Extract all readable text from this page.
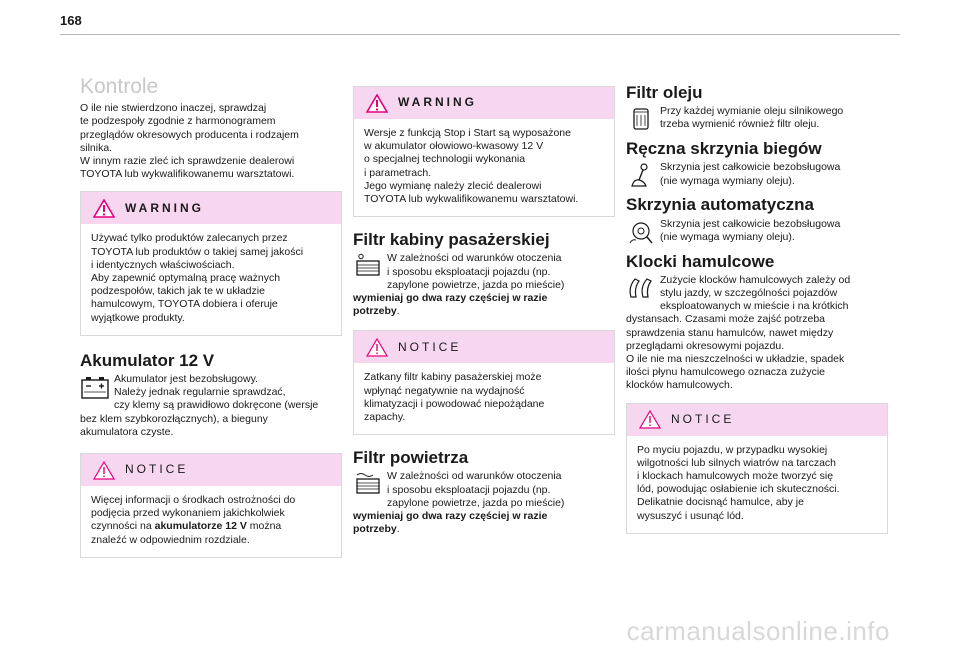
168
Kontrole

O ile nie stwierdzono inaczej, sprawdzaj
te podzespoły zgodnie z harmonogramem
przeglądów okresowych producenta i rodzajem
silnika.
W innym razie zleć ich sprawdzenie dealerowi
TOYOTA lub wykwalifikowanemu warsztatowi.

WARNING
Używać tylko produktów zalecanych przez
TOYOTA lub produktów o takiej samej jakości
i identycznych właściwościach.
Aby zapewnić optymalną pracę ważnych
podzespołów, takich jak te w układzie
hamulcowym, TOYOTA dobiera i oferuje
wyjątkowe produkty.
Akumulator 12 V
Akumulator jest bezobsługowy.
Należy jednak regularnie sprawdzać,
czy klemy są prawidłowo dokręcone (wersje
bez klem szybkorozłącznych), a bieguny
akumulatora czyste.
NOTICE
Więcej informacji o środkach ostrożności do
podjęcia przed wykonaniem jakichkolwiek
czynności na akumulatorze 12 V można
znaleźć w odpowiednim rozdziale.
WARNING
Wersje z funkcją Stop i Start są wyposażone
w akumulator ołowiowo-kwasowy 12 V
o specjalnej technologii wykonania
i parametrach.
Jego wymianę należy zlecić dealerowi
TOYOTA lub wykwalifikowanemu warsztatowi.
Filtr kabiny pasażerskiej
W zależności od warunków otoczenia
i sposobu eksploatacji pojazdu (np.
zapylone powietrze, jazda po mieście)
wymieniaj go dwa razy częściej w razie
potrzeby.
NOTICE
Zatkany filtr kabiny pasażerskiej może
wpłynąć negatywnie na wydajność
klimatyzacji i powodować niepożądane
zapachy.
Filtr powietrza
W zależności od warunków otoczenia
i sposobu eksploatacji pojazdu (np.
zapylone powietrze, jazda po mieście)
wymieniaj go dwa razy częściej w razie
potrzeby.
Filtr oleju
Przy każdej wymianie oleju silnikowego
trzeba wymienić również filtr oleju.
Ręczna skrzynia biegów
Skrzynia jest całkowicie bezobsługowa
(nie wymaga wymiany oleju).
Skrzynia automatyczna
Skrzynia jest całkowicie bezobsługowa
(nie wymaga wymiany oleju).
Klocki hamulcowe
Zużycie klocków hamulcowych zależy od
stylu jazdy, w szczególności pojazdów
eksploatowanych w mieście i na krótkich
dystansach. Czasami może zajść potrzeba
sprawdzenia stanu hamulców, nawet między
przeglądami okresowymi pojazdu.
O ile nie ma nieszczelności w układzie, spadek
ilości płynu hamulcowego oznacza zużycie
klocków hamulcowych.
NOTICE
Po myciu pojazdu, w przypadku wysokiej
wilgotności lub silnych wiatrów na tarczach
i klockach hamulcowych może tworzyć się
lód, powodując osłabienie ich skuteczności.
Delikatnie docisnąć hamulce, aby je
wysuszyć i usunąć lód.
carmanualsonline.info
